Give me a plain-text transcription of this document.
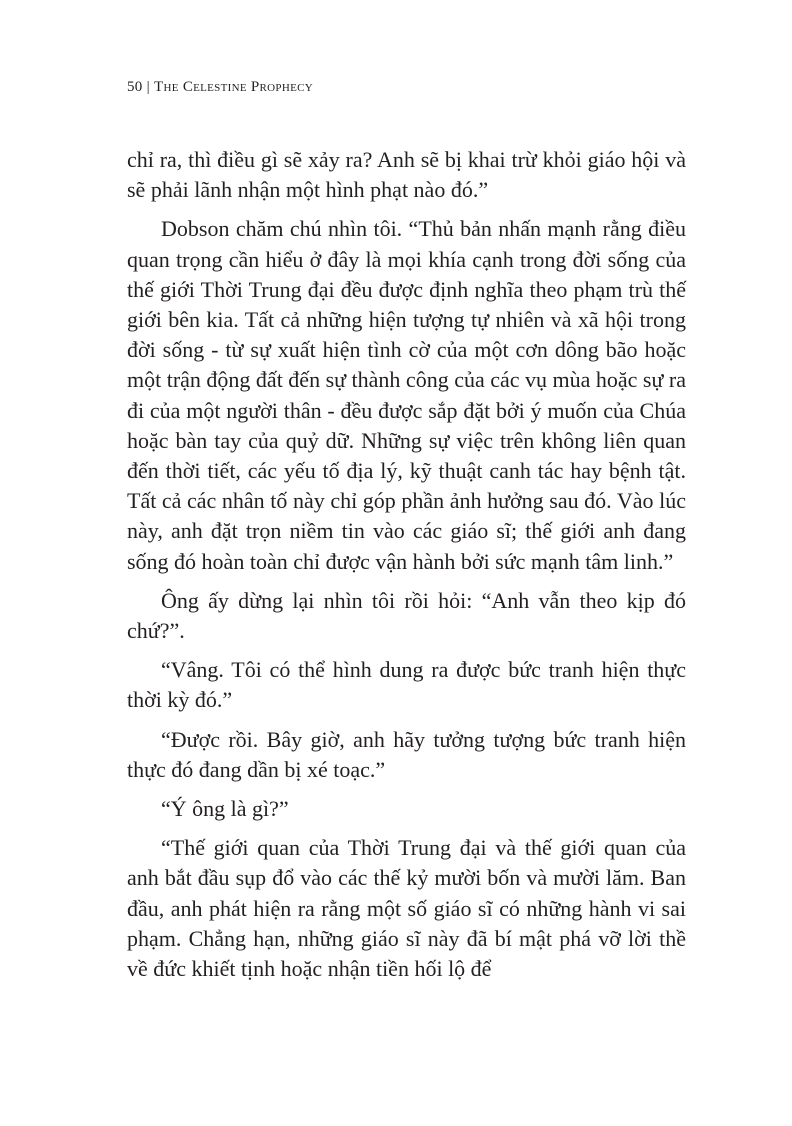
50 | The Celestine Prophecy

chỉ ra, thì điều gì sẽ xảy ra? Anh sẽ bị khai trừ khỏi giáo hội và sẽ phải lãnh nhận một hình phạt nào đó.”

Dobson chăm chú nhìn tôi. “Thủ bản nhấn mạnh rằng điều quan trọng cần hiểu ở đây là mọi khía cạnh trong đời sống của thế giới Thời Trung đại đều được định nghĩa theo phạm trù thế giới bên kia. Tất cả những hiện tượng tự nhiên và xã hội trong đời sống - từ sự xuất hiện tình cờ của một cơn dông bão hoặc một trận động đất đến sự thành công của các vụ mùa hoặc sự ra đi của một người thân - đều được sắp đặt bởi ý muốn của Chúa hoặc bàn tay của quỷ dữ. Những sự việc trên không liên quan đến thời tiết, các yếu tố địa lý, kỹ thuật canh tác hay bệnh tật. Tất cả các nhân tố này chỉ góp phần ảnh hưởng sau đó. Vào lúc này, anh đặt trọn niềm tin vào các giáo sĩ; thế giới anh đang sống đó hoàn toàn chỉ được vận hành bởi sức mạnh tâm linh.”

Ông ấy dừng lại nhìn tôi rồi hỏi: “Anh vẫn theo kịp đó chứ?”.

“Vâng. Tôi có thể hình dung ra được bức tranh hiện thực thời kỳ đó.”

“Được rồi. Bây giờ, anh hãy tưởng tượng bức tranh hiện thực đó đang dần bị xé toạc.”

“Ý ông là gì?”

“Thế giới quan của Thời Trung đại và thế giới quan của anh bắt đầu sụp đổ vào các thế kỷ mười bốn và mười lăm. Ban đầu, anh phát hiện ra rằng một số giáo sĩ có những hành vi sai phạm. Chẳng hạn, những giáo sĩ này đã bí mật phá vỡ lời thề về đức khiết tịnh hoặc nhận tiền hối lộ để
